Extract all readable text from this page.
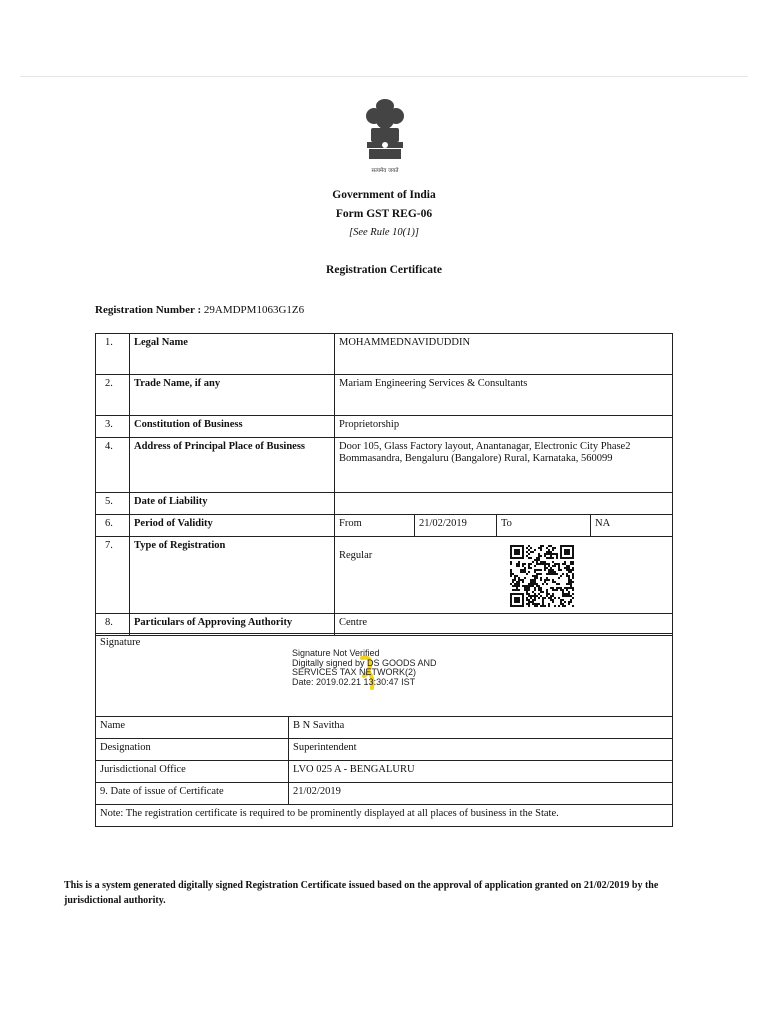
सत्यमेव जयते
Government of India
Form GST REG-06
[See Rule 10(1)]
Registration Certificate
Registration Number : 29AMDPM1063G1Z6
1.	Legal Name	MOHAMMEDNAVIDUDDIN
2.	Trade Name, if any	Mariam Engineering Services & Consultants
3.	Constitution of Business	Proprietorship
4.	Address of Principal Place of Business	Door 105, Glass Factory layout, Anantanagar, Electronic City Phase2 Bommasandra, Bengaluru (Bangalore) Rural, Karnataka, 560099
5.	Date of Liability	
6.	Period of Validity		From	21/02/2019	To	NA

7.	Type of Registration	Regular
8.	Particulars of Approving Authority	Centre
Signature
Signature Not Verified
Digitally signed by DS GOODS AND
SERVICES TAX NETWORK(2)
Date: 2019.02.21 13:30:47 IST	

Name	B N Savitha
Designation	Superintendent
Jurisdictional Office	LVO 025 A - BENGALURU
9. Date of issue of Certificate	21/02/2019
Note: The registration certificate is required to be prominently displayed at all places of business in the State.	
This is a system generated digitally signed Registration Certificate issued based on the approval of application granted on 21/02/2019 by the jurisdictional authority.
